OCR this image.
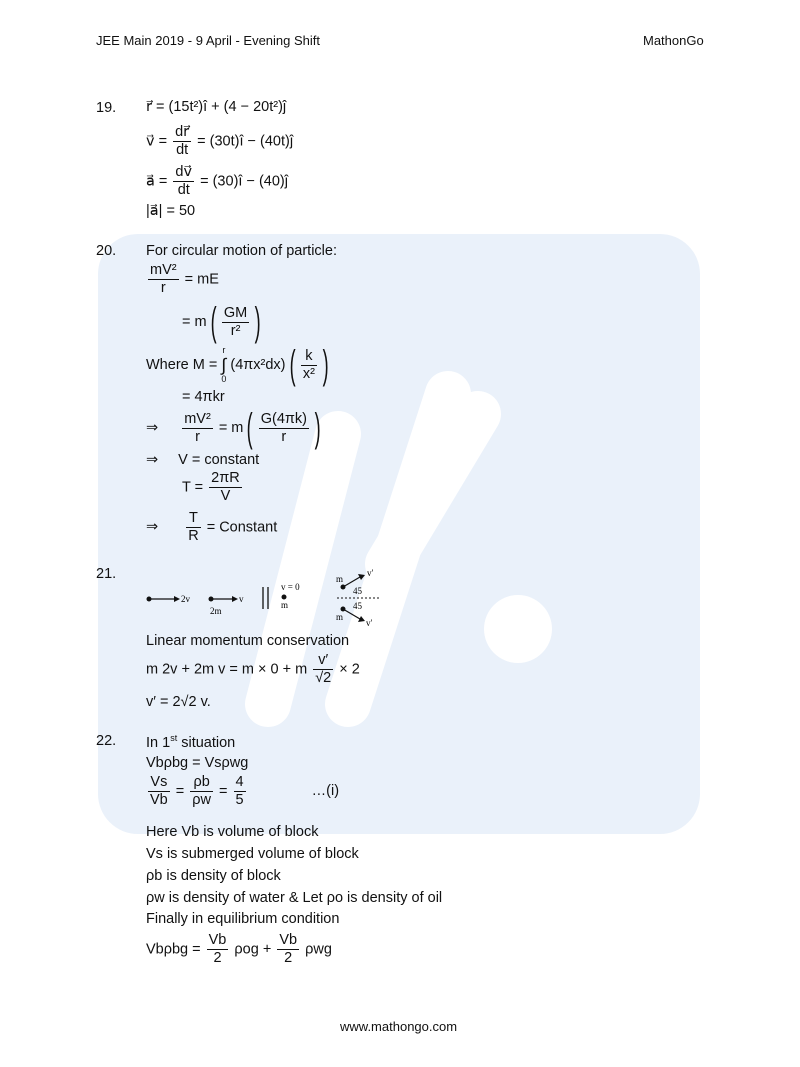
JEE Main 2019 - 9 April - Evening Shift	MathonGo
19. r⃗ = (15t²)î + (4 − 20t²)ĵ
v⃗ = $\frac{dr⃗}{dt}$ = (30t)î − (40t)ĵ
a⃗ = $\frac{dv⃗}{dt}$ = (30)î − (40)ĵ
|a⃗| = 50
20. For circular motion of particle:
$\frac{\text{mV²}}{r}$ = mE
= $m( \frac{GM}{\text{r²}}$ )
Where M =
r
∫
0
$(4\pi x^2dx)( \frac{k}{\text{x²}}$ )
= 4πkr
⇒ $\frac{\text{mV²}}{r} = m( \frac{G(4\pi k)}{r}$ )
⇒ V = constant
$T = \frac{2\pi R}{V}$
⇒ $\frac{T}{R}$ = Constant
21.
2v	v
2m
v = 0
m
m
v′
45
45
m
v′
Linear momentum conservation
m 2v + 2m v = m × 0 + m $\frac{v'}{√2} \times 2$
v′ = 2√2 v.
22. In 1st situation
Vbρbg = Vsρwg
$\frac{Vs}{Vb} = \frac{\rho b}{\rho w} = \frac{4}{5}$	…(i)
Here Vb is volume of block
Vs is submerged volume of block
ρb is density of block
ρw is density of water & Let ρo is density of oil
Finally in equilibrium condition
$Vb\rho bg = \frac{Vb}{2}$ $\rho og + \frac{Vb}{2}$ ρwg
www.mathongo.com
